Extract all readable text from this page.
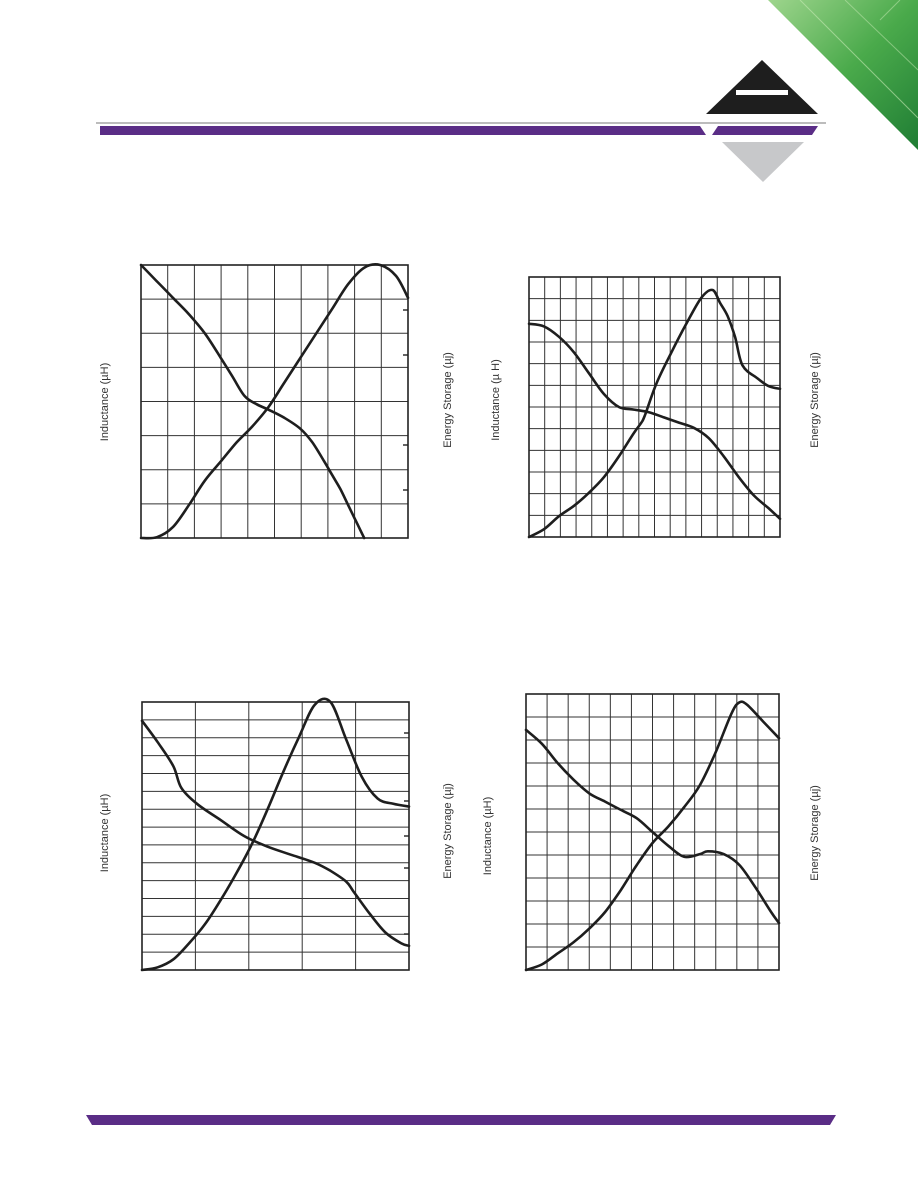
Inductance (µH)	Energy Storage (µj)	Inductance (µ H)	Energy Storage (µj)
Inductance (µH)	Energy Storage (µj)	Inductance (µH)	Energy Storage (µj)
